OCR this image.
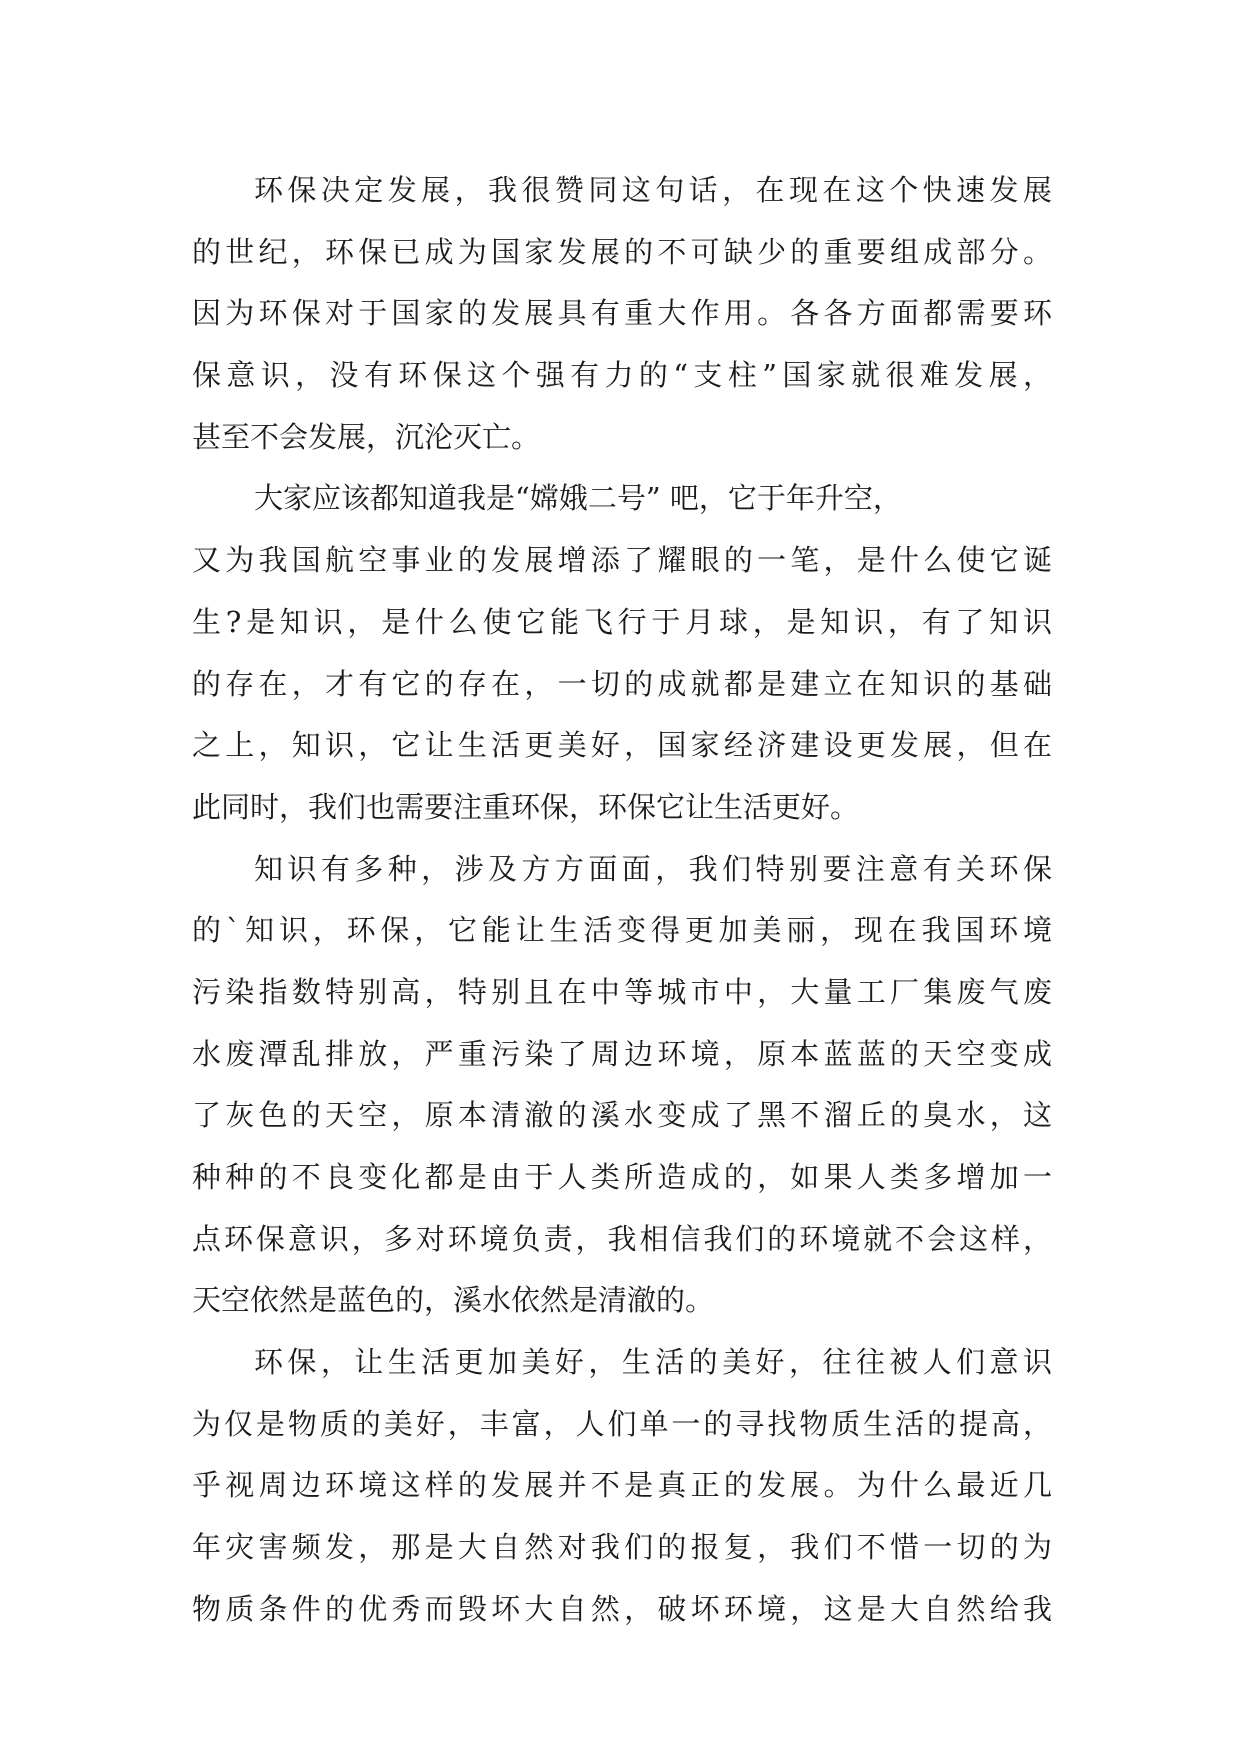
环保决定发展，我很赞同这句话，在现在这个快速发展
的世纪，环保已成为国家发展的不可缺少的重要组成部分。
因为环保对于国家的发展具有重大作用。各各方面都需要环
保意识，没有环保这个强有力的“支柱”国家就很难发展，
甚至不会发展，沉沦灭亡。
大家应该都知道我是“嫦娥二号” 吧，它于年升空，
又为我国航空事业的发展增添了耀眼的一笔，是什么使它诞
生?是知识，是什么使它能飞行于月球，是知识，有了知识
的存在，才有它的存在，一切的成就都是建立在知识的基础
之上，知识，它让生活更美好，国家经济建设更发展，但在
此同时，我们也需要注重环保，环保它让生活更好。
知识有多种，涉及方方面面，我们特别要注意有关环保
的`知识，环保，它能让生活变得更加美丽，现在我国环境
污染指数特别高，特别且在中等城市中，大量工厂集废气废
水废潭乱排放，严重污染了周边环境，原本蓝蓝的天空变成
了灰色的天空，原本清澈的溪水变成了黑不溜丘的臭水，这
种种的不良变化都是由于人类所造成的，如果人类多增加一
点环保意识，多对环境负责，我相信我们的环境就不会这样，
天空依然是蓝色的，溪水依然是清澈的。
环保，让生活更加美好，生活的美好，往往被人们意识
为仅是物质的美好，丰富，人们单一的寻找物质生活的提高，
乎视周边环境这样的发展并不是真正的发展。为什么最近几
年灾害频发，那是大自然对我们的报复，我们不惜一切的为
物质条件的优秀而毁坏大自然，破坏环境，这是大自然给我
